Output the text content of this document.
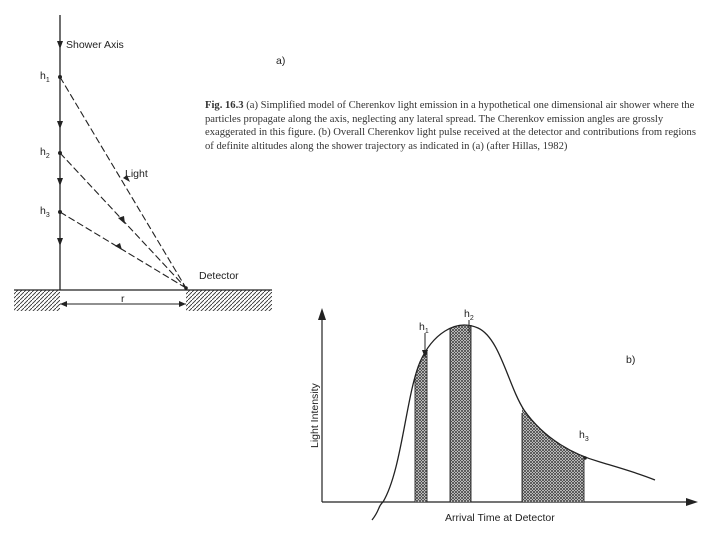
Shower Axis
a)
Light
Detector
r
$h_1$
$h_2$
$h_3$
$h_1$
$h_2$
$h_3$
b)
Light Intensity
Arrival Time at Detector

Fig. 16.3 (a) Simplified model of Cherenkov light emission in a hypothetical one dimensional air shower where the particles propagate along the axis, neglecting any lateral spread. The Cherenkov emission angles are grossly exaggerated in this figure. (b) Overall Cherenkov light pulse received at the detector and contributions from regions of definite altitudes along the shower trajectory as indicated in (a) (after Hillas, 1982)
